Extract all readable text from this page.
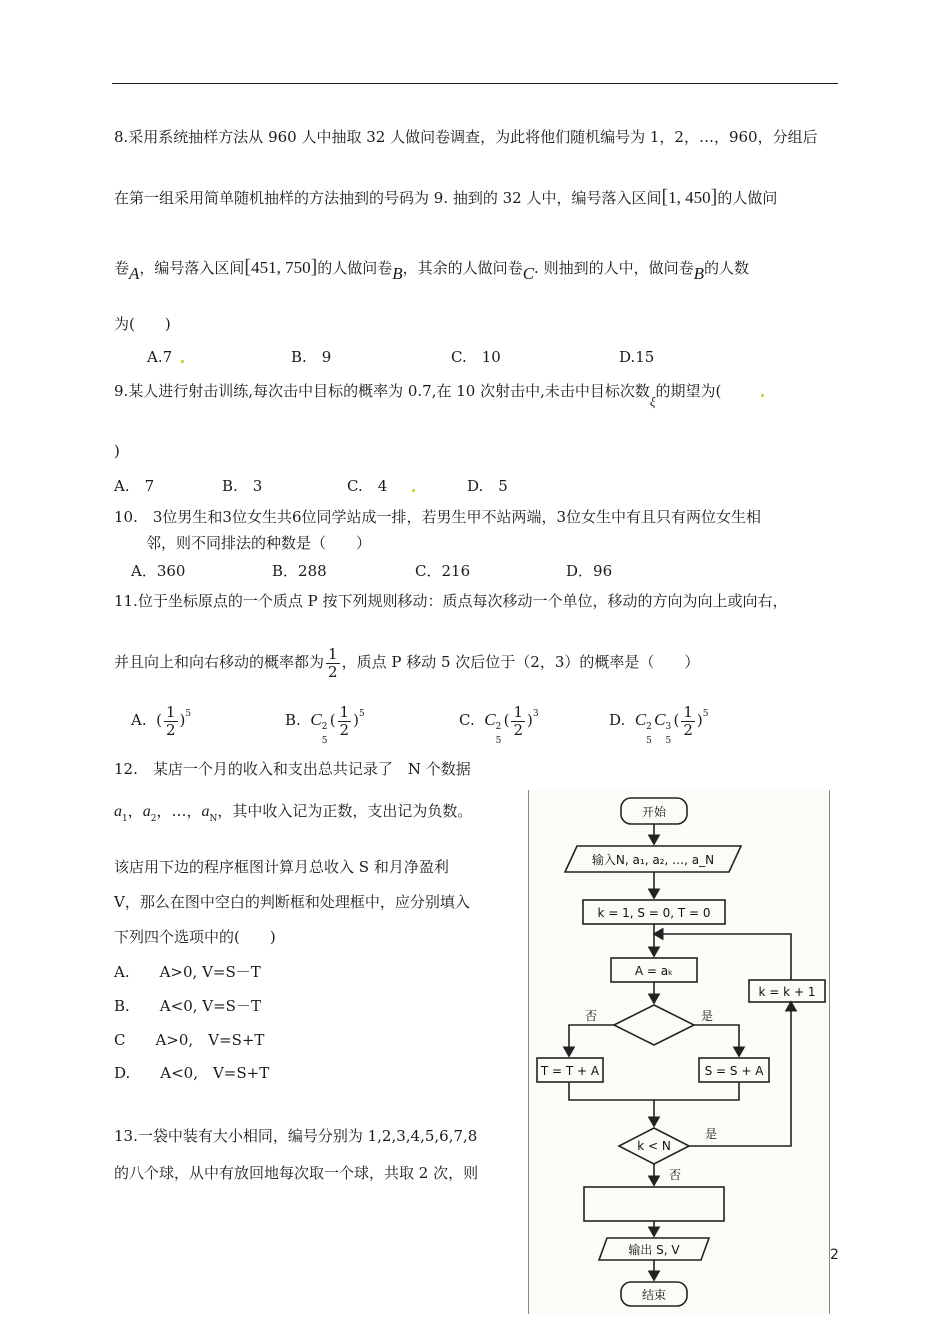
8.采用系统抽样方法从 960 人中抽取 32 人做问卷调查，为此将他们随机编号为 1，2，…，960，分组后
在第一组采用简单随机抽样的方法抽到的号码为 9. 抽到的 32 人中，编号落入区间[1, 450]的人做问
卷A，编号落入区间[451, 750]的人做问卷B，其余的人做问卷C. 则抽到的人中，做问卷B的人数
为(　　)
A.7	B.　9	C.　10	D.15
9.某人进行射击训练,每次击中目标的概率为 0.7,在 10 次射击中,未击中目标次数ξ的期望为(
)
A.　7	B.　3	C.　4	D.　5
10.　3位男生和3位女生共6位同学站成一排，若男生甲不站两端，3位女生中有且只有两位女生相
邻，则不同排法的种数是（　　）
A．360	B．288	C．216	D．96
11.位于坐标原点的一个质点 P 按下列规则移动：质点每次移动一个单位，移动的方向为向上或向右，
并且向上和向右移动的概率都为 $\frac{1}{2}$ ，质点 P 移动 5 次后位于（2，3）的概率是（　　）
A.  ( $\frac{1}{2} )^5$	B. C 2
5
( $\frac{1}{2} )^5$	C. C 2
5
( $\frac{1}{2} )^3$	D. C 2
5
C 3
5
( $\frac{1}{2} )^5$
12.　某店一个月的收入和支出总共记录了　N 个数据
$a_1$，$a_2$，…，$a_N$，其中收入记为正数，支出记为负数。
该店用下边的程序框图计算月总收入 S 和月净盈利
V，那么在图中空白的判断框和处理框中，应分别填入
下列四个选项中的(　　)
A.　　A>0, V=S－T
B.　　A<0, V=S－T
C　　A>0,　V=S+T
D.　　A<0,　V=S+T
13.一袋中装有大小相同，编号分别为 1,2,3,4,5,6,7,8
的八个球，从中有放回地每次取一个球，共取 2 次，则
开始
输入N, a₁, a₂, …, a_N
k = 1, S = 0, T = 0
A = aₖ
k = k + 1
否	是
T = T + A	S = S + A
k < N
是
否
输出 S, V
结束
2
